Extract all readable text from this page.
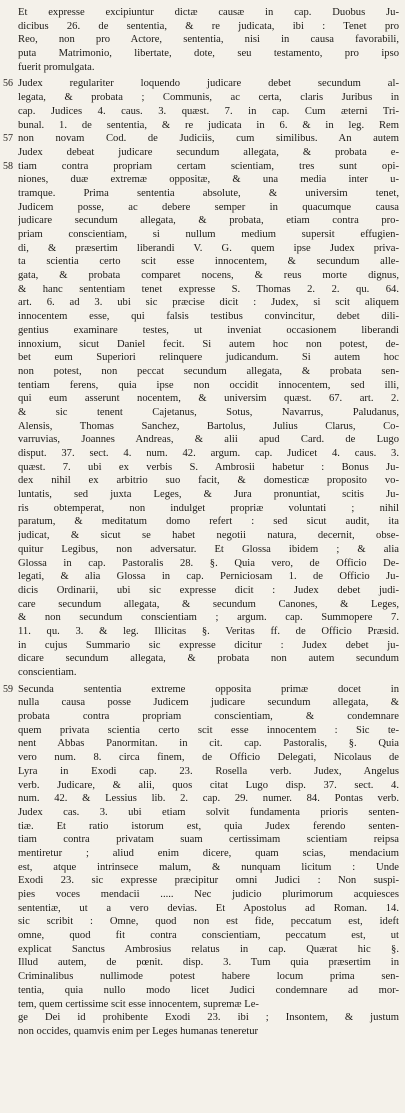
Et expresse excipiuntur dictæ causæ in cap. Duobus Ju-
dicibus 26. de sententia, & re judicata, ibi : Tenet pro
Reo, non pro Actore, sententia, nisi in causa favorabili,
puta Matrimonio, libertate, dote, seu testamento, pro ipso
fuerit promulgata.
Judex regulariter loquendo judicare debet secundum al-
legata, & probata ; Communis, ac certa, claris Juribus in
cap. Judices 4. caus. 3. quæst. 7. in cap. Cum æterni Tri-
bunal. 1. de sententia, & re judicata in 6. & in leg. Rem
non novam Cod. de Judiciis, cum similibus. An autem
Judex debeat judicare secundum allegata, & probata e-
tiam contra propriam certam scientiam, tres sunt opi-
niones, duæ extremæ oppositæ, & una media inter u-
tramque. Prima sententia absolute, & universim tenet,
Judicem posse, ac debere semper in quacumque causa
judicare secundum allegata, & probata, etiam contra pro-
priam conscientiam, si nullum medium supersit effugien-
di, & præsertim liberandi V. G. quem ipse Judex priva-
ta scientia certo scit esse innocentem, & secundum alle-
gata, & probata comparet nocens, & reus morte dignus,
& hanc sententiam tenet expresse S. Thomas 2. 2. qu. 64.
art. 6. ad 3. ubi sic præcise dicit : Judex, si scit aliquem
innocentem esse, qui falsis testibus convincitur, debet dili-
gentius examinare testes, ut inveniat occasionem liberandi
innoxium, sicut Daniel fecit. Si autem hoc non potest, de-
bet eum Superiori relinquere judicandum. Si autem hoc
non potest, non peccat secundum allegata, & probata sen-
tentiam ferens, quia ipse non occidit innocentem, sed illi,
qui eum asserunt nocentem, & universim quæst. 67. art. 2.
& sic tenent Cajetanus, Sotus, Navarrus, Paludanus,
Alensis, Thomas Sanchez, Bartolus, Julius Clarus, Co-
varruvias, Joannes Andreas, & alii apud Card. de Lugo
disput. 37. sect. 4. num. 42. argum. cap. Judicet 4. caus. 3.
quæst. 7. ubi ex verbis S. Ambrosii habetur : Bonus Ju-
dex nihil ex arbitrio suo facit, & domesticæ proposito vo-
luntatis, sed juxta Leges, & Jura pronuntiat, scitis Ju-
ris obtemperat, non indulget propriæ voluntati ; nihil
paratum, & meditatum domo refert : sed sicut audit, ita
judicat, & sicut se habet negotii natura, decernit, obse-
quitur Legibus, non adversatur. Et Glossa ibidem ; & alia
Glossa in cap. Pastoralis 28. §. Quia vero, de Officio De-
legati, & alia Glossa in cap. Perniciosam 1. de Officio Ju-
dicis Ordinarii, ubi sic expresse dicit : Judex debet judi-
care secundum allegata, & secundum Canones, & Leges,
& non secundum conscientiam ; argum. cap. Summopere 7.
11. qu. 3. & leg. Illicitas §. Veritas ff. de Officio Præsid.
in cujus Summario sic expresse dicitur : Judex debet ju-
dicare secundum allegata, & probata non autem secundum
conscientiam.
Secunda sententia extreme opposita primæ docet in
nulla causa posse Judicem judicare secundum allegata, &
probata contra propriam conscientiam, & condemnare
quem privata scientia certo scit esse innocentem : Sic te-
nent Abbas Panormitan. in cit. cap. Pastoralis, §. Quia
vero num. 8. circa finem, de Officio Delegati, Nicolaus de
Lyra in Exodi cap. 23. Rosella verb. Judex, Angelus
verb. Judicare, & alii, quos citat Lugo disp. 37. sect. 4.
num. 42. & Lessius lib. 2. cap. 29. numer. 84. Pontas verb.
Judex cas. 3. ubi etiam solvit fundamenta prioris senten-
tiæ. Et ratio istorum est, quia Judex ferendo senten-
tiam contra privatam suam certissimam scientiam reipsa
mentiretur ; aliud enim dicere, quam scias, mendacium
est, atque intrinsece malum, & nunquam licitum : Unde
Exodi 23. sic expresse præcipitur omni Judici : Non suspi-
pies voces mendacii ..... Nec judicio plurimorum acquiesces
sententiæ, ut a vero devias. Et Apostolus ad Roman. 14.
sic scribit : Omne, quod non est fide, peccatum est, ideft
omne, quod fit contra conscientiam, peccatum est, ut
explicat Sanctus Ambrosius relatus in cap. Quærat hic §.
Illud autem, de pœnit. disp. 3. Tum quia præsertim in
Criminalibus nullimode potest habere locum prima sen-
tentia, quia nullo modo licet Judici condemnare ad mor-
tem, quem certissime scit esse innocentem, supremæ Le-
ge Dei id prohibente Exodi 23. ibi ; Insontem, & justum
non occides, quamvis enim per Leges humanas teneretur
56
57
58
59
